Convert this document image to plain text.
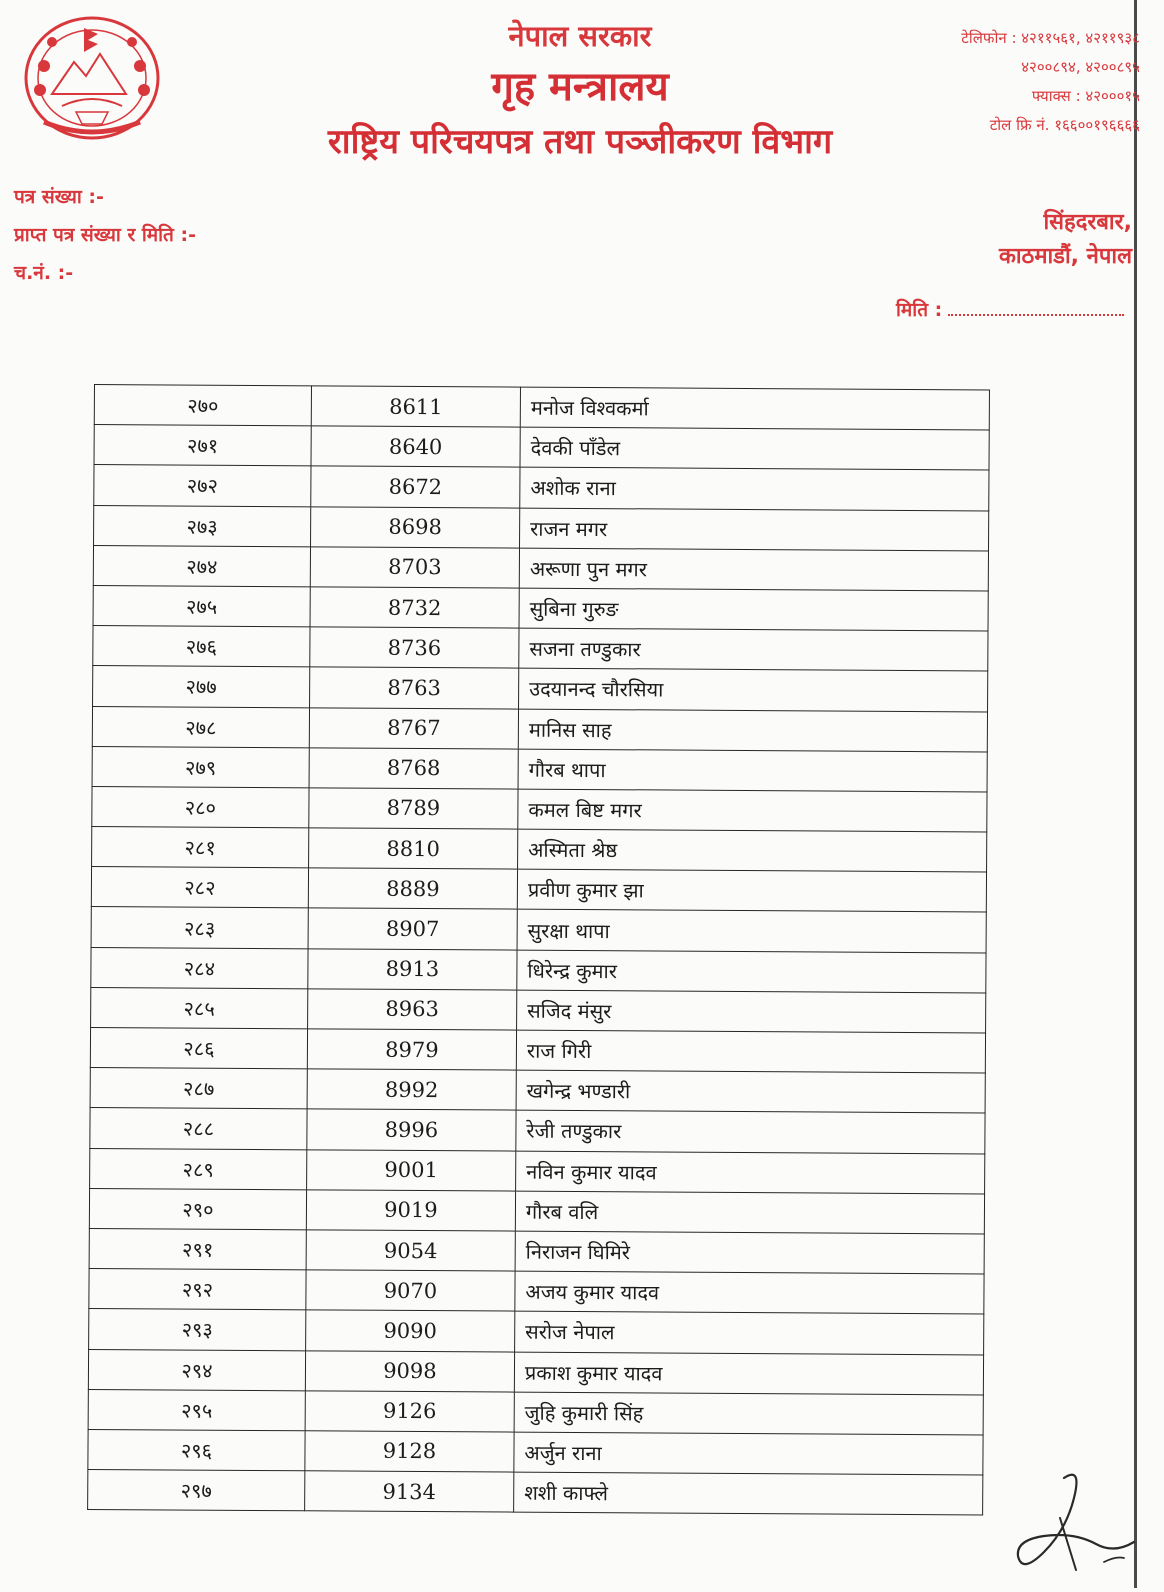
नेपाल सरकार
गृह मन्त्रालय
राष्ट्रिय परिचयपत्र तथा पञ्जीकरण विभाग
टेलिफोन : ४२११५६१, ४२११९३८
४२००८९४, ४२००८९५
फ्याक्स : ४२०००१५
टोल फ्रि नं. १६६००१९६६६६
पत्र संख्या :-
प्राप्त पत्र संख्या र मिति :-
च.नं. :-
सिंहदरबार,
काठमाडौं, नेपाल
मिति :
२७०	8611	मनोज विश्वकर्मा
२७१	8640	देवकी पाँडेल
२७२	8672	अशोक राना
२७३	8698	राजन मगर
२७४	8703	अरूणा पुन मगर
२७५	8732	सुबिना गुरुङ
२७६	8736	सजना तण्डुकार
२७७	8763	उदयानन्द चौरसिया
२७८	8767	मानिस साह
२७९	8768	गौरब थापा
२८०	8789	कमल बिष्ट मगर
२८१	8810	अस्मिता श्रेष्ठ
२८२	8889	प्रवीण कुमार झा
२८३	8907	सुरक्षा थापा
२८४	8913	धिरेन्द्र कुमार
२८५	8963	सजिद मंसुर
२८६	8979	राज गिरी
२८७	8992	खगेन्द्र भण्डारी
२८८	8996	रेजी तण्डुकार
२८९	9001	नविन कुमार यादव
२९०	9019	गौरब वलि
२९१	9054	निराजन घिमिरे
२९२	9070	अजय कुमार यादव
२९३	9090	सरोज नेपाल
२९४	9098	प्रकाश कुमार यादव
२९५	9126	जुहि कुमारी सिंह
२९६	9128	अर्जुन राना
२९७	9134	शशी काफ्ले
